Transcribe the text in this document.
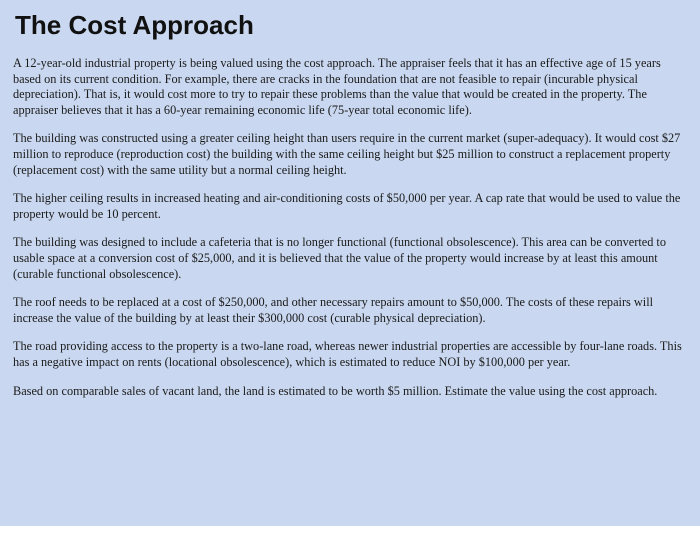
The Cost Approach

A 12-year-old industrial property is being valued using the cost approach. The appraiser feels that it has an effective age of 15 years based on its current condition. For example, there are cracks in the foundation that are not feasible to repair (incurable physical depreciation). That is, it would cost more to try to repair these problems than the value that would be created in the property. The appraiser believes that it has a 60-year remaining economic life (75-year total economic life).

The building was constructed using a greater ceiling height than users require in the current market (super-adequacy). It would cost $27 million to reproduce (reproduction cost) the building with the same ceiling height but $25 million to construct a replacement property (replacement cost) with the same utility but a normal ceiling height.

The higher ceiling results in increased heating and air-conditioning costs of $50,000 per year. A cap rate that would be used to value the property would be 10 percent.

The building was designed to include a cafeteria that is no longer functional (functional obsolescence). This area can be converted to usable space at a conversion cost of $25,000, and it is believed that the value of the property would increase by at least this amount (curable functional obsolescence).

The roof needs to be replaced at a cost of $250,000, and other necessary repairs amount to $50,000. The costs of these repairs will increase the value of the building by at least their $300,000 cost (curable physical depreciation).

The road providing access to the property is a two-lane road, whereas newer industrial properties are accessible by four-lane roads. This has a negative impact on rents (locational obsolescence), which is estimated to reduce NOI by $100,000 per year.

Based on comparable sales of vacant land, the land is estimated to be worth $5 million. Estimate the value using the cost approach.
